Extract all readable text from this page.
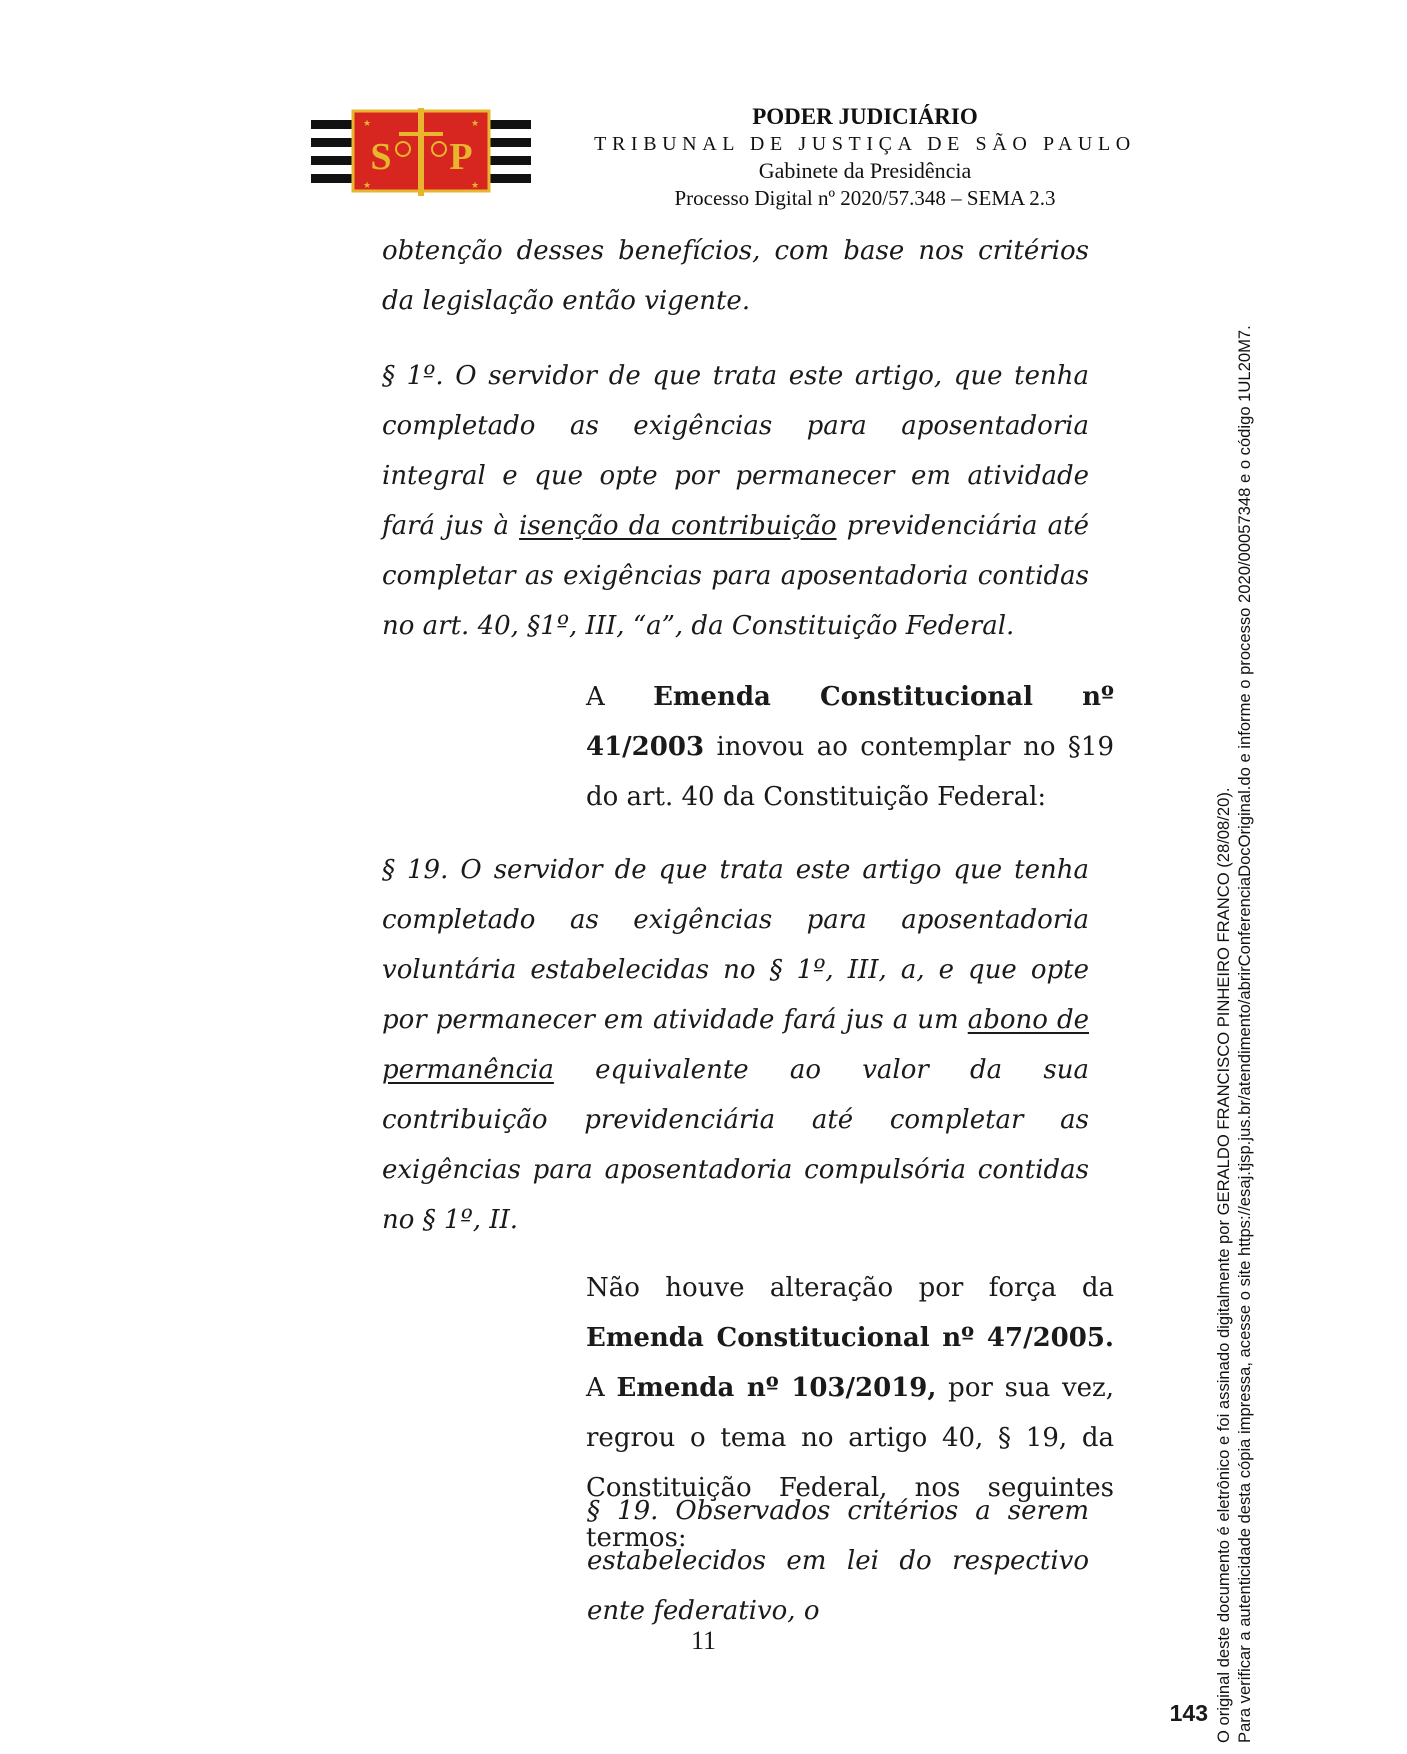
★	★
★	★
S P
PODER JUDICIÁRIO
TRIBUNAL DE JUSTIÇA DE SÃO PAULO
Gabinete da Presidência
Processo Digital nº 2020/57.348 – SEMA 2.3

obtenção desses benefícios, com base nos critérios da legislação então vigente.

§ 1º. O servidor de que trata este artigo, que tenha completado as exigências para aposentadoria integral e que opte por permanecer em atividade fará jus à isenção da contribuição previdenciária até completar as exigências para aposentadoria contidas no art. 40, §1º, III, “a”, da Constituição Federal.

A Emenda Constitucional nº 41/2003 inovou ao contemplar no §19 do art. 40 da Constituição Federal:

§ 19. O servidor de que trata este artigo que tenha completado as exigências para aposentadoria voluntária estabelecidas no § 1º, III, a, e que opte por permanecer em atividade fará jus a um abono de permanência equivalente ao valor da sua contribuição previdenciária até completar as exigências para aposentadoria compulsória contidas no § 1º, II.

Não houve alteração por força da Emenda Constitucional nº 47/2005. A Emenda nº 103/2019, por sua vez, regrou o tema no artigo 40, § 19, da Constituição Federal, nos seguintes termos:

§ 19. Observados critérios a serem estabelecidos em lei do respectivo ente federativo, o

11	O original deste documento é eletrônico e foi assinado digitalmente por GERALDO FRANCISCO PINHEIRO FRANCO (28/08/20). Para verificar a autenticidade desta cópia impressa, acesse o site https://esaj.tjsp.jus.br/atendimento/abrirConferenciaDocOriginal.do e informe o processo 2020/00057348 e o código 1UL20M7.
143
